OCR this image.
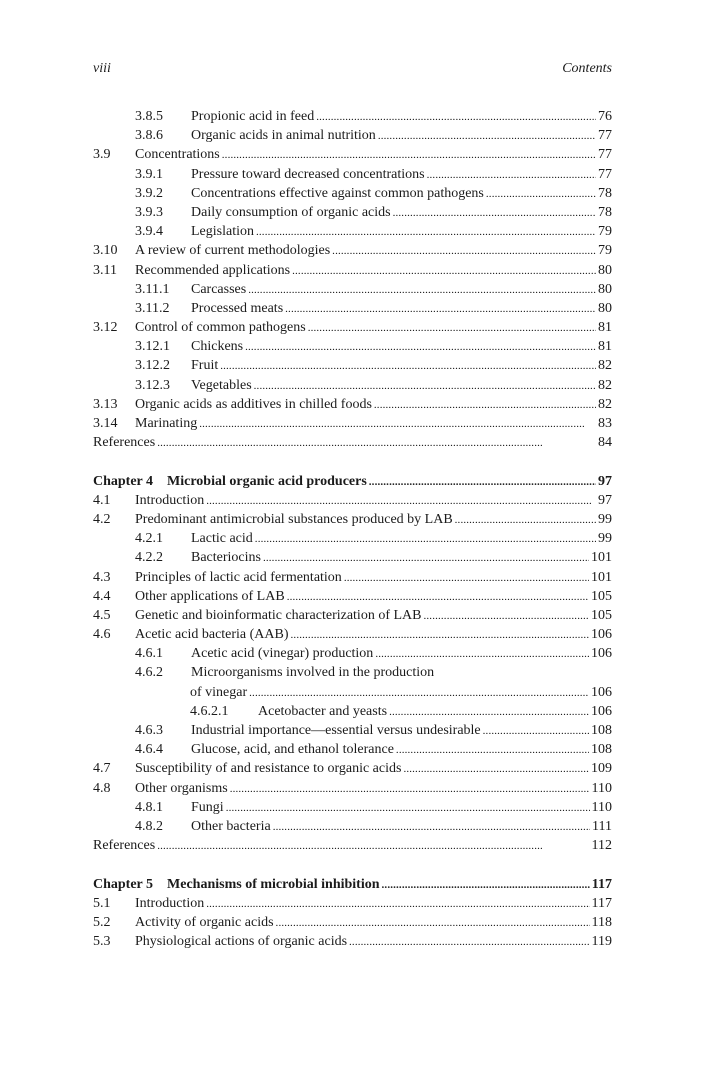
viii	Contents
3.8.5	Propionic acid in feed . . .	76
3.8.6	Organic acids in animal nutrition . . .	77
3.9	Concentrations . . .	77
3.9.1	Pressure toward decreased concentrations . . .	77
3.9.2	Concentrations effective against common pathogens . . .	78
3.9.3	Daily consumption of organic acids . . .	78
3.9.4	Legislation . . .	79
3.10	A review of current methodologies . . .	79
3.11	Recommended applications . . .	80
3.11.1	Carcasses . . .	80
3.11.2	Processed meats . . .	80
3.12	Control of common pathogens . . .	81
3.12.1	Chickens . . .	81
3.12.2	Fruit . . .	82
3.12.3	Vegetables . . .	82
3.13	Organic acids as additives in chilled foods . . .	82
3.14	Marinating . . .	83
References . . .	84
Chapter 4 Microbial organic acid producers . . .	97
4.1	Introduction . . .	97
4.2	Predominant antimicrobial substances produced by LAB . . .	99
4.2.1	Lactic acid . . .	99
4.2.2	Bacteriocins . . .	101
4.3	Principles of lactic acid fermentation . . .	101
4.4	Other applications of LAB . . .	105
4.5	Genetic and bioinformatic characterization of LAB . . .	105
4.6	Acetic acid bacteria (AAB) . . .	106
4.6.1	Acetic acid (vinegar) production . . .	106
4.6.2	Microorganisms involved in the production
of vinegar . . .	106
4.6.2.1	Acetobacter and yeasts . . .	106
4.6.3	Industrial importance—essential versus undesirable . . .	108
4.6.4	Glucose, acid, and ethanol tolerance . . .	108
4.7	Susceptibility of and resistance to organic acids . . .	109
4.8	Other organisms . . .	110
4.8.1	Fungi . . .	110
4.8.2	Other bacteria . . .	111
References . . .	112
Chapter 5 Mechanisms of microbial inhibition . . .	117
5.1	Introduction . . .	117
5.2	Activity of organic acids . . .	118
5.3	Physiological actions of organic acids . . .	119
